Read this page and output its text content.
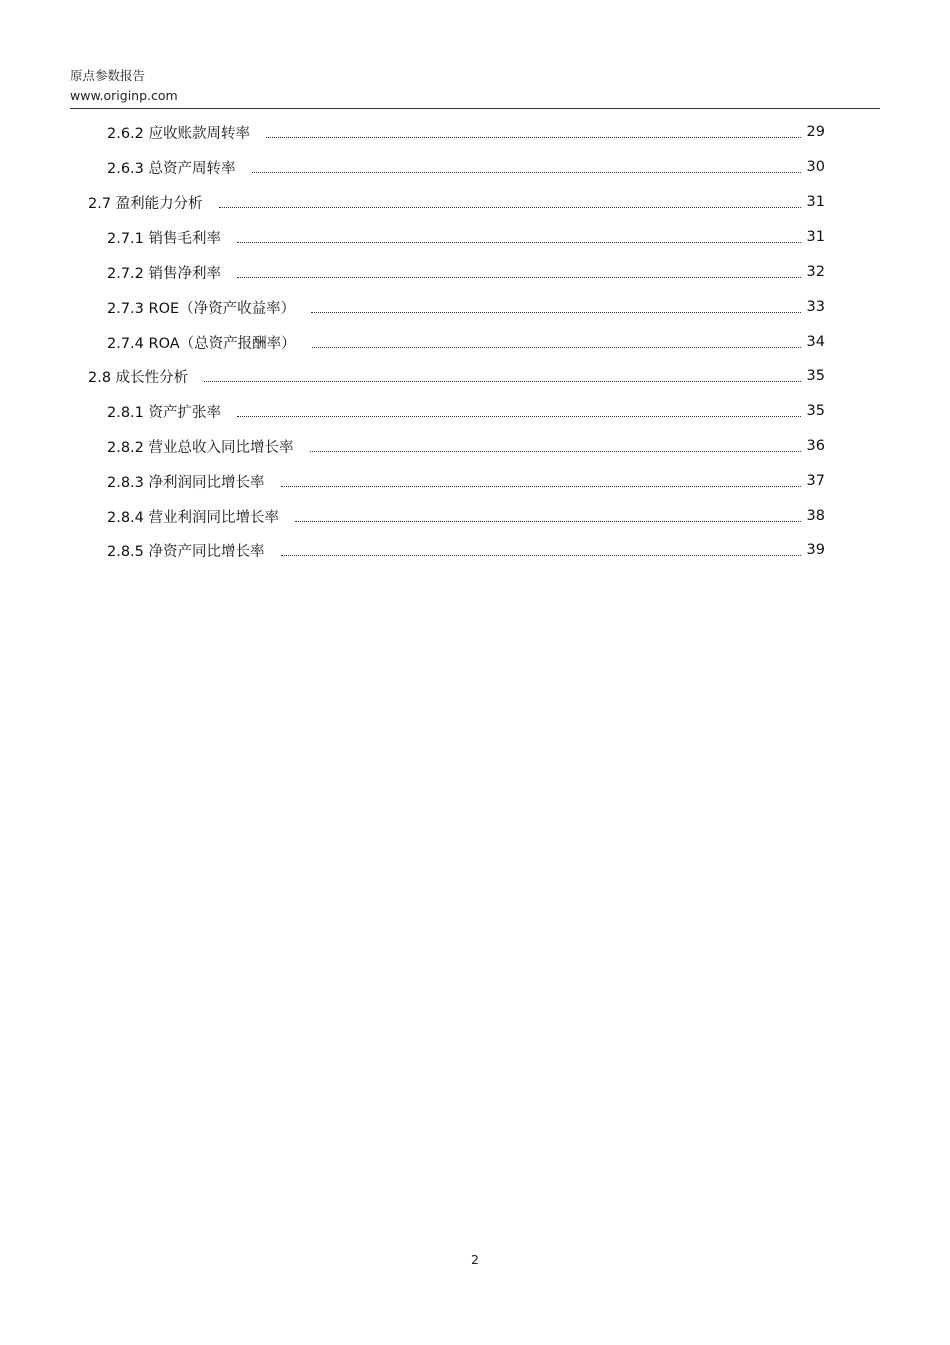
原点参数报告
www.originp.com
2.6.2 应收账款周转率	29
2.6.3 总资产周转率	30
2.7 盈利能力分析	31
2.7.1 销售毛利率	31
2.7.2 销售净利率	32
2.7.3 ROE（净资产收益率）	33
2.7.4 ROA（总资产报酬率）	34
2.8 成长性分析	35
2.8.1 资产扩张率	35
2.8.2 营业总收入同比增长率	36
2.8.3 净利润同比增长率	37
2.8.4 营业利润同比增长率	38
2.8.5 净资产同比增长率	39
2
